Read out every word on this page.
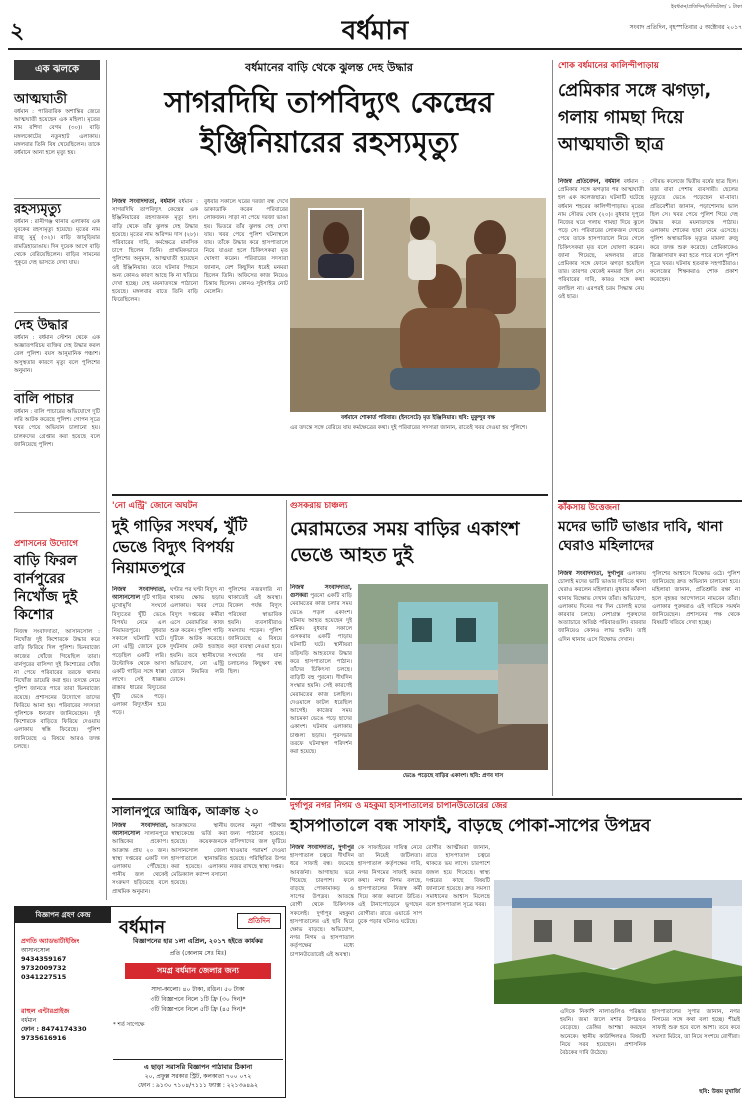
২	বর্ধমান
ইবর্ধমান/প্রতিদিন/ডিজিটাল/ ১ টাকা
সংবাদ প্রতিদিন, বৃহস্পতিবার ৫ অক্টোবর ২০১৭
এক ঝলকে
আত্মঘাতী
বর্ধমান : পারিবারিক অশান্তির জেরে আত্মঘাতী হয়েছেন এক মহিলা। মৃতের নাম রশিদা বেগম (৩০)। বাড়ি মঙ্গলকোটের নতুনহাট এলাকায়। মঙ্গলবার তিনি বিষ খেয়েছিলেন। তাকে বর্ধমানে আনা হলে মৃত্যু হয়।
রহস্যমৃত্যু
বর্ধমান : রানীগঞ্জ থানার এলাকায় এক যুবকের রহস্যমৃত্যু হয়েছে। মৃতের নাম রাজু মুর্মু (৩২)। বাড়ি জামুড়িয়ার রামডিহাডাঙায়। দিন দুয়েক আগে বাড়ি থেকে বেরিয়েছিলেন। বাড়ির সামনের পুকুরে দেহ ভাসতে দেখা যায়।
দেহ উদ্ধার
বর্ধমান : বর্ধমান স্টেশন থেকে এক অজ্ঞাতপরিচয় ব্যক্তির দেহ উদ্ধার করল রেল পুলিশ। বয়স আনুমানিক পঞ্চাশ। অসুস্থতার কারণে মৃত্যু বলে পুলিশের অনুমান।
বালি পাচার
বর্ধমান : বালি পাচারের অভিযোগে দুটি লরি আটক করেছে পুলিশ। গোপন সূত্রে খবর পেয়ে অভিযান চালানো হয়। চালকদের গ্রেপ্তার করা হয়েছে বলে জানিয়েছে পুলিশ।
প্রশাসনের উদ্যোগে
বাড়ি ফিরল বার্নপুরের নিখোঁজ দুই কিশোর
নিজস্ব সংবাদদাতা, আসানসোল : নিখোঁজ দুই কিশোরকে উদ্ধার করে বাড়ি ফিরিয়ে দিল পুলিশ। ভিনরাজ্যে কাজের খোঁজে গিয়েছিল তারা। বার্নপুরের বাসিন্দা দুই কিশোরের খোঁজ না পেয়ে পরিবারের তরফে থানায় নিখোঁজ ডায়েরি করা হয়। তদন্তে নেমে পুলিশ জানতে পারে তারা ভিনরাজ্যে রয়েছে। প্রশাসনের উদ্যোগে তাদের ফিরিয়ে আনা হয়। পরিবারের সদস্যরা পুলিশকে ধন্যবাদ জানিয়েছেন। দুই কিশোরকে বাড়িতে ফিরিয়ে দেওয়ায় এলাকায় স্বস্তি ফিরেছে। পুলিশ জানিয়েছে এ বিষয়ে আরও তদন্ত চলছে।
বর্ধমানের বাড়ি থেকে ঝুলন্ত দেহ উদ্ধার
সাগরদিঘি তাপবিদ্যুৎ কেন্দ্রের ইঞ্জিনিয়ারের রহস্যমৃত্যু
নিজস্ব সংবাদদাতা, বর্ধমান বর্ধমান : সাগরদিঘি তাপবিদ্যুৎ কেন্দ্রের এক ইঞ্জিনিয়ারের রহস্যজনক মৃত্যু হল। বাড়ি থেকে তাঁর ঝুলন্ত দেহ উদ্ধার হয়েছে। মৃতের নাম অরিন্দম দাস (২৮)। পরিবারের দাবি, কর্মক্ষেত্রে মানসিক চাপে ছিলেন তিনি। প্রাথমিকভাবে পুলিশের অনুমান, আত্মঘাতী হয়েছেন ওই ইঞ্জিনিয়ার। তবে ঘটনার পিছনে অন্য কোনও কারণ আছে কি না খতিয়ে দেখা হচ্ছে। দেহ ময়নাতদন্তে পাঠানো হয়েছে। মঙ্গলবার রাতে তিনি বাড়ি ফিরেছিলেন।
বুধবার সকালে ঘরের দরজা বন্ধ দেখে ডাকাডাকি করেন পরিবারের লোকজন। সাড়া না পেয়ে দরজা ভাঙা হয়। ভিতরে তাঁর ঝুলন্ত দেহ দেখা যায়। খবর পেয়ে পুলিশ ঘটনাস্থলে যায়। তাঁকে উদ্ধার করে হাসপাতালে নিয়ে যাওয়া হলে চিকিৎসকরা মৃত ঘোষণা করেন। পরিবারের সদস্যরা জানান, বেশ কিছুদিন ধরেই মনমরা ছিলেন তিনি। অফিসের কাজ নিয়েও চিন্তায় ছিলেন। কোনও সুইসাইড নোট মেলেনি।
বর্ধমানে শোকার্ত পরিবার। (ইনসেটে) মৃত ইঞ্জিনিয়ার। ছবি: মুকুন্দুর বক্ষ
এর তদন্তে সঙ্গে বেরিয়ে যায় কর্মক্ষেত্রের কথা। দুই পরিবারের সদস্যরা জানান, রাতেই খবর দেওয়া হয় পুলিশে।
শোক বর্ধমানের কালিন্দীপাড়ায়
প্রেমিকার সঙ্গে ঝগড়া, গলায় গামছা দিয়ে আত্মঘাতী ছাত্র
নিজস্ব প্রতিবেদন, বর্ধমান বর্ধমান : প্রেমিকার সঙ্গে ঝগড়ার পর আত্মঘাতী হল এক কলেজছাত্র। ঘটনাটি ঘটেছে বর্ধমান শহরের কালিন্দীপাড়ায়। মৃতের নাম সৌরভ ঘোষ (২০)। বুধবার দুপুরে নিজের ঘরে গলায় গামছা দিয়ে ঝুলে পড়ে সে। পরিবারের লোকজন দেখতে পেয়ে তাকে হাসপাতালে নিয়ে গেলে চিকিৎসকরা মৃত বলে ঘোষণা করেন। জানা গিয়েছে, মঙ্গলবার রাতে প্রেমিকার সঙ্গে ফোনে ঝগড়া হয়েছিল তার। তারপর থেকেই মনমরা ছিল সে। পরিবারের দাবি, কারও সঙ্গে কথা বলছিল না। এরপরই চরম সিদ্ধান্ত নেয় ওই ছাত্র।
সৌরভ কলেজে দ্বিতীয় বর্ষের ছাত্র ছিল। তার বাবা পেশায় ব্যবসায়ী। ছেলের মৃত্যুতে ভেঙে পড়েছেন মা-বাবা। প্রতিবেশীরা জানান, পড়াশোনায় ভাল ছিল সে। খবর পেয়ে পুলিশ গিয়ে দেহ উদ্ধার করে ময়নাতদন্তে পাঠায়। এলাকায় শোকের ছায়া নেমে এসেছে। পুলিশ অস্বাভাবিক মৃত্যুর মামলা রুজু করে তদন্ত শুরু করেছে। প্রেমিকাকেও জিজ্ঞাসাবাদ করা হতে পারে বলে পুলিশ সূত্রে খবর। ঘটনায় হতবাক সহপাঠীরাও। কলেজের শিক্ষকরাও শোক প্রকাশ করেছেন।
'নো এন্ট্রি' জোনে অঘটন
দুই গাড়ির সংঘর্ষ, খুঁটি ভেঙে বিদ্যুৎ বিপর্যয় নিয়ামতপুরে
নিজস্ব সংবাদদাতা, আসানসোল দুটি গাড়ির মুখোমুখি সংঘর্ষে বিদ্যুতের খুঁটি ভেঙে বিপর্যয় নেমে এল নিয়ামতপুরে। বুধবার সকালে ঘটনাটি ঘটে। নো এন্ট্রি জোনে ঢুকে পড়েছিল একটি লরি। উল্টোদিক থেকে আসা একটি গাড়ির সঙ্গে ধাক্কা লাগে। সেই ধাক্কায় রাস্তার ধারের বিদ্যুতের খুঁটি ভেঙে পড়ে। এলাকা বিদ্যুৎহীন হয়ে পড়ে।
ঘণ্টার পর ঘণ্টা বিদ্যুৎ না থাকায় ক্ষোভ ছড়ায় এলাকায়। খবর পেয়ে বিদ্যুৎ দপ্তরের কর্মীরা এসে মেরামতির কাজ শুরু করেন। পুলিশ গাড়ি দুটিকে আটক করেছে। দুর্ঘটনায় কেউ হতাহত হয়নি। তবে স্থানীয়দের অভিযোগ, নো এন্ট্রি জোনে নিয়মিত লরি ঢোকে।
পুলিশের নজরদারি না থাকাতেই এই অবস্থা। বিকেল পর্যন্ত বিদ্যুৎ পরিষেবা স্বাভাবিক হয়নি। ব্যবসায়ীরাও সমস্যায় পড়েন। পুলিশ জানিয়েছে এ বিষয়ে কড়া ব্যবস্থা নেওয়া হবে। সংঘর্ষের পর যান চলাচলও কিছুক্ষণ বন্ধ ছিল।
গুসকরায় চাঞ্চল্য
মেরামতের সময় বাড়ির একাংশ ভেঙে আহত দুই
নিজস্ব সংবাদদাতা, গুসকরা পুরনো একটি বাড়ি মেরামতের কাজ চলার সময় ভেঙে পড়ল একাংশ। ঘটনায় আহত হয়েছেন দুই শ্রমিক। বুধবার সকালে গুসকরার একটি পাড়ায় ঘটনাটি ঘটে। স্থানীয়রা তড়িঘড়ি আহতদের উদ্ধার করে হাসপাতালে পাঠান। তাঁদের চিকিৎসা চলছে। বাড়িটি বহু পুরনো। দীর্ঘদিন সংস্কার হয়নি। সেই কারণেই মেরামতের কাজ চলছিল। দেওয়ালে ফাটল ধরেছিল আগেই। কাজের সময় আচমকা ভেঙে পড়ে ছাদের একাংশ। ঘটনায় এলাকায় চাঞ্চল্য ছড়ায়। পুরসভার তরফে ঘটনাস্থল পরিদর্শন করা হয়েছে।
ভেঙে পড়েছে বাড়ির একাংশ। ছবি: প্রণব দাস
কাঁকসায় উত্তেজনা
মদের ভাটি ভাঙার দাবি, থানা ঘেরাও মহিলাদের
নিজস্ব সংবাদদাতা, দুর্গাপুর এলাকায় চোলাই মদের ভাটি ভাঙার দাবিতে থানা ঘেরাও করলেন মহিলারা। বুধবার কাঁকসা থানায় বিক্ষোভ দেখান তাঁরা। অভিযোগ, এলাকায় দিনের পর দিন চোলাই মদের কারবার চলছে। নেশাগ্রস্ত পুরুষদের অত্যাচারে অতিষ্ঠ পরিবারগুলি। বারবার জানিয়েও কোনও লাভ হয়নি। তাই এদিন থানায় এসে বিক্ষোভ দেখান।
পুলিশের আশ্বাসে বিক্ষোভ ওঠে। পুলিশ জানিয়েছে দ্রুত অভিযান চালানো হবে। মহিলারা জানান, প্রতিশ্রুতি রক্ষা না হলে বৃহত্তর আন্দোলনে নামবেন তাঁরা। এলাকার পুরুষরাও এই দাবিকে সমর্থন জানিয়েছেন। প্রশাসনের পক্ষ থেকে বিষয়টি খতিয়ে দেখা হচ্ছে।
সালানপুরে আন্ত্রিক, আক্রান্ত ২০
নিজস্ব সংবাদদাতা, আসানসোল সালানপুরে আন্ত্রিকের প্রকোপ। আক্রান্ত প্রায় ২০ জন। স্বাস্থ্য দপ্তরের একটি দল এলাকায় পৌঁছেছে। পানীয় জল থেকেই সংক্রমণ ছড়িয়েছে বলে প্রাথমিক অনুমান।
আক্রান্তদের স্থানীয় স্বাস্থ্যকেন্দ্রে ভর্তি করা হয়েছে। কয়েকজনকে আসানসোল জেলা হাসপাতালে স্থানান্তরিত করা হয়েছে। এলাকায় মেডিক্যাল ক্যাম্প বসানো হয়েছে।
জলের নমুনা পরীক্ষার জন্য পাঠানো হয়েছে। বাসিন্দাদের জল ফুটিয়ে খাওয়ার পরামর্শ দেওয়া হয়েছে। পরিস্থিতির উপর নজর রাখছে স্বাস্থ্য দপ্তর।
দুর্গাপুর নগর নিগম ও মহকুমা হাসপাতালের চাপানউতোরের জের
হাসপাতালে বন্ধ সাফাই, বাড়ছে পোকা-সাপের উপদ্রব
নিজস্ব সংবাদদাতা, দুর্গাপুর হাসপাতাল চত্বরে দীর্ঘদিন ধরে সাফাই বন্ধ। জমেছে আবর্জনা। আগাছায় ভরে গিয়েছে চারপাশ। ফলে বাড়ছে পোকামাকড় ও সাপের উপদ্রব। আতঙ্কে রোগী থেকে চিকিৎসক সকলেই। দুর্গাপুর মহকুমা হাসপাতালের এই ছবি ঘিরে ক্ষোভ বাড়ছে। অভিযোগ, নগর নিগম ও হাসপাতাল কর্তৃপক্ষের মধ্যে চাপানউতোরেই এই অবস্থা।
কে সাফাইয়ের দায়িত্ব নেবে তা নিয়েই জটিলতা। হাসপাতাল কর্তৃপক্ষের দাবি, নগর নিগমের সাফাই করার কথা। নগর নিগম বলছে, হাসপাতালের নিজস্ব কর্মী দিয়ে কাজ করানো উচিত। এই টানাপোড়েনে ভুগছেন রোগীরা। রাতে ওয়ার্ডে সাপ ঢুকে পড়ার ঘটনাও ঘটেছে।
রোগীর আত্মীয়রা জানান, রাতে হাসপাতাল চত্বরে থাকতে ভয় লাগে। চারপাশে জঙ্গল হয়ে গিয়েছে। স্বাস্থ্য দপ্তরের কাছে বিষয়টি জানানো হয়েছে। দ্রুত সমস্যা সমাধানের আশ্বাস মিলেছে বলে হাসপাতাল সূত্রে খবর।
এদিকে নিকাশি নালাগুলিও পরিষ্কার হয়নি। জমা জলে মশার উপদ্রবও বেড়েছে। ডেঙ্গির আশঙ্কা করছেন অনেকে। স্থানীয় কাউন্সিলরও বিষয়টি নিয়ে সরব হয়েছেন। প্রশাসনিক বৈঠকের দাবি উঠেছে।
হাসপাতালের সুপার জানান, নগর নিগমের সঙ্গে কথা বলা হচ্ছে। শীঘ্রই সাফাই শুরু হবে বলে আশা। তবে কবে সমস্যা মিটবে, তা নিয়ে সংশয়ে রোগীরা।
ছবি: উত্তম মুখার্জি
বিজ্ঞাপন গ্রহণ কেন্দ্র
বর্ধমান	প্রতিদিন
প্রগতি অ্যাডভার্টাইজিং
আসানসোল
9434359167
9732009732
0341227515
রাহুল এন্টারপ্রাইজ
বর্ধমান
ফোন : 8474174330
9735616916
বিজ্ঞাপনের হার ১লা এপ্রিল, ২০১৭ হইতে কার্যকর
প্রতি (কোলাম সেঃ মিঃ)
সমগ্র বর্ধমান জেলার জন্য
সাদা-কালো। ৪০ টাকা, রঙিন। ৫০ টাকা
৩টি বিজ্ঞাপনে নিলে ১টি ফ্রি (৩০ দিন)*
৩টি বিজ্ঞাপনে নিলে ৫টি ফ্রি (৪৫ দিন)*
* শর্ত সাপেক্ষে
এ ছাড়া সরাসরি বিজ্ঞাপন পাঠাবার ঠিকানা
২০, প্রফুল্ল সরকার স্ট্রিট, কলকাতা ৭০০ ০৭২
ফোন : ৯১৩০ ৭১০৪/৭১১১ ফ্যাক্স : ২২১৩৬৪৯২
